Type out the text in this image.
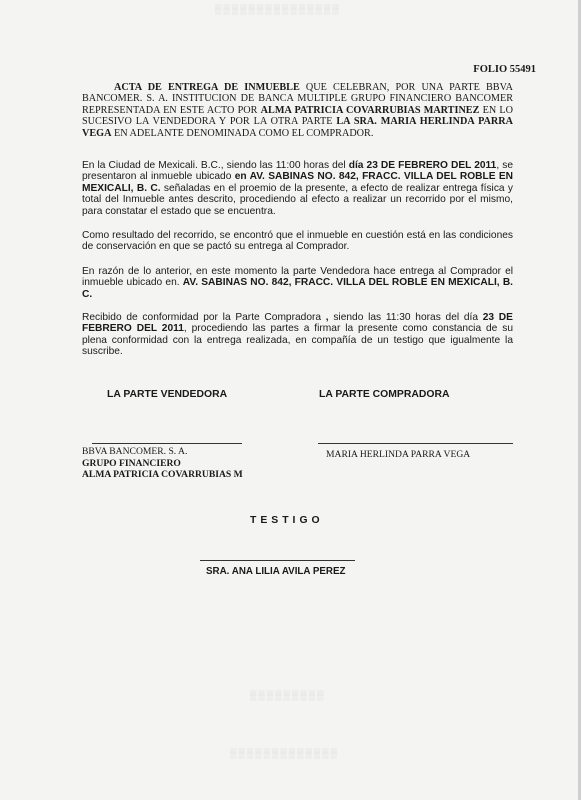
▒▒▒▒▒▒▒▒▒▒▒▒▒▒▒
▒▒▒▒▒▒▒▒▒
▒▒▒▒▒▒▒▒▒▒▒▒▒
FOLIO 55491

ACTA DE ENTREGA DE INMUEBLE QUE CELEBRAN, POR UNA PARTE BBVA BANCOMER. S. A. INSTITUCION DE BANCA MULTIPLE GRUPO FINANCIERO BANCOMER REPRESENTADA EN ESTE ACTO POR ALMA PATRICIA COVARRUBIAS MARTINEZ EN LO SUCESIVO LA VENDEDORA Y POR LA OTRA PARTE LA SRA. MARIA HERLINDA PARRA VEGA EN ADELANTE DENOMINADA COMO EL COMPRADOR.

En la Ciudad de Mexicali. B.C., siendo las 11:00 horas del día 23 DE FEBRERO DEL 2011, se presentaron al inmueble ubicado en AV. SABINAS NO. 842, FRACC. VILLA DEL ROBLE EN MEXICALI, B. C. señaladas en el proemio de la presente, a efecto de realizar entrega física y total del Inmueble antes descrito, procediendo al efecto a realizar un recorrido por el mismo, para constatar el estado que se encuentra.

Como resultado del recorrido, se encontró que el inmueble en cuestión está en las condiciones de conservación en que se pactó su entrega al Comprador.

En razón de lo anterior, en este momento la parte Vendedora hace entrega al Comprador el inmueble ubicado en. AV. SABINAS NO. 842, FRACC. VILLA DEL ROBLE EN MEXICALI, B. C.

Recibido de conformidad por la Parte Compradora , siendo las 11:30 horas del día 23 DE FEBRERO DEL 2011, procediendo las partes a firmar la presente como constancia de su plena conformidad con la entrega realizada, en compañía de un testigo que igualmente la suscribe.

LA PARTE VENDEDORA	LA PARTE COMPRADORA
BBVA BANCOMER. S. A.
GRUPO FINANCIERO
ALMA PATRICIA COVARRUBIAS M
MARIA HERLINDA PARRA VEGA
TESTIGO
SRA. ANA LILIA AVILA PEREZ
